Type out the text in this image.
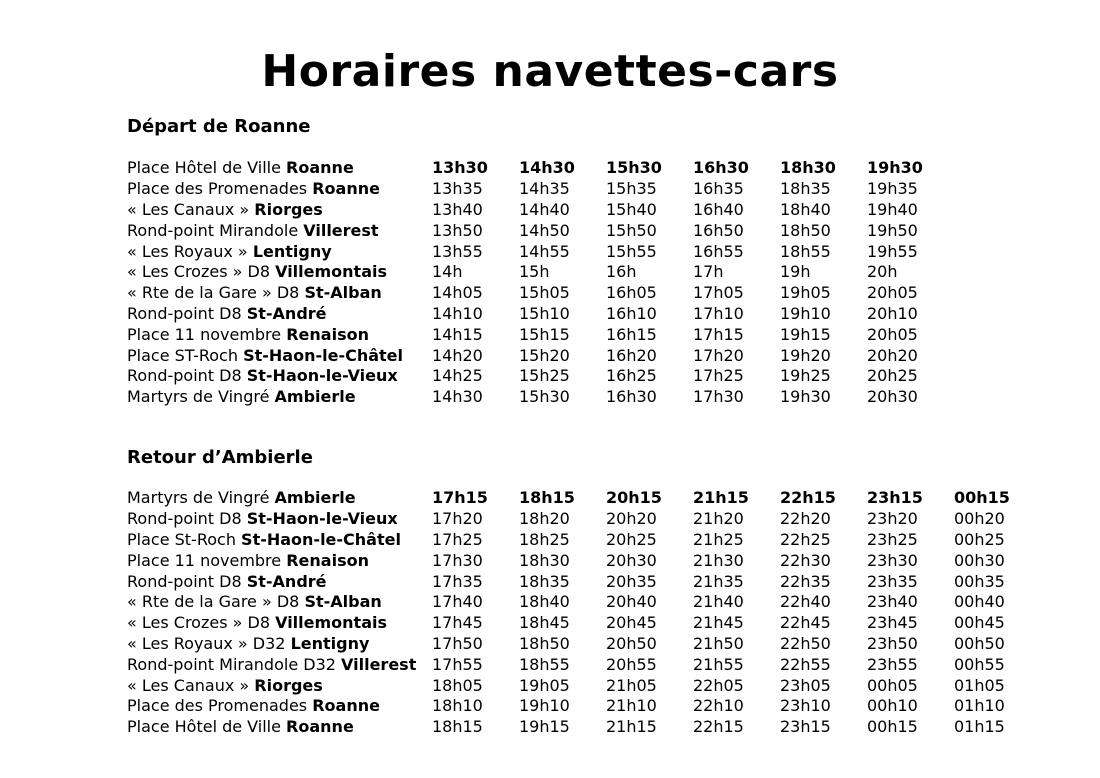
Horaires navettes-cars
Départ de Roanne
Place Hôtel de Ville Roanne	13h30	14h30	15h30	16h30	18h30	19h30
Place des Promenades Roanne	13h35	14h35	15h35	16h35	18h35	19h35
« Les Canaux » Riorges	13h40	14h40	15h40	16h40	18h40	19h40
Rond-point Mirandole Villerest	13h50	14h50	15h50	16h50	18h50	19h50
« Les Royaux » Lentigny	13h55	14h55	15h55	16h55	18h55	19h55
« Les Crozes » D8 Villemontais	14h	15h	16h	17h	19h	20h
« Rte de la Gare » D8 St-Alban	14h05	15h05	16h05	17h05	19h05	20h05
Rond-point D8 St-André	14h10	15h10	16h10	17h10	19h10	20h10
Place 11 novembre Renaison	14h15	15h15	16h15	17h15	19h15	20h05
Place ST-Roch St-Haon-le-Châtel	14h20	15h20	16h20	17h20	19h20	20h20
Rond-point D8 St-Haon-le-Vieux	14h25	15h25	16h25	17h25	19h25	20h25
Martyrs de Vingré Ambierle	14h30	15h30	16h30	17h30	19h30	20h30
Retour d’Ambierle
Martyrs de Vingré Ambierle	17h15	18h15	20h15	21h15	22h15	23h15	00h15
Rond-point D8 St-Haon-le-Vieux	17h20	18h20	20h20	21h20	22h20	23h20	00h20
Place St-Roch St-Haon-le-Châtel	17h25	18h25	20h25	21h25	22h25	23h25	00h25
Place 11 novembre Renaison	17h30	18h30	20h30	21h30	22h30	23h30	00h30
Rond-point D8 St-André	17h35	18h35	20h35	21h35	22h35	23h35	00h35
« Rte de la Gare » D8 St-Alban	17h40	18h40	20h40	21h40	22h40	23h40	00h40
« Les Crozes » D8 Villemontais	17h45	18h45	20h45	21h45	22h45	23h45	00h45
« Les Royaux » D32 Lentigny	17h50	18h50	20h50	21h50	22h50	23h50	00h50
Rond-point Mirandole D32 Villerest	17h55	18h55	20h55	21h55	22h55	23h55	00h55
« Les Canaux » Riorges	18h05	19h05	21h05	22h05	23h05	00h05	01h05
Place des Promenades Roanne	18h10	19h10	21h10	22h10	23h10	00h10	01h10
Place Hôtel de Ville Roanne	18h15	19h15	21h15	22h15	23h15	00h15	01h15
